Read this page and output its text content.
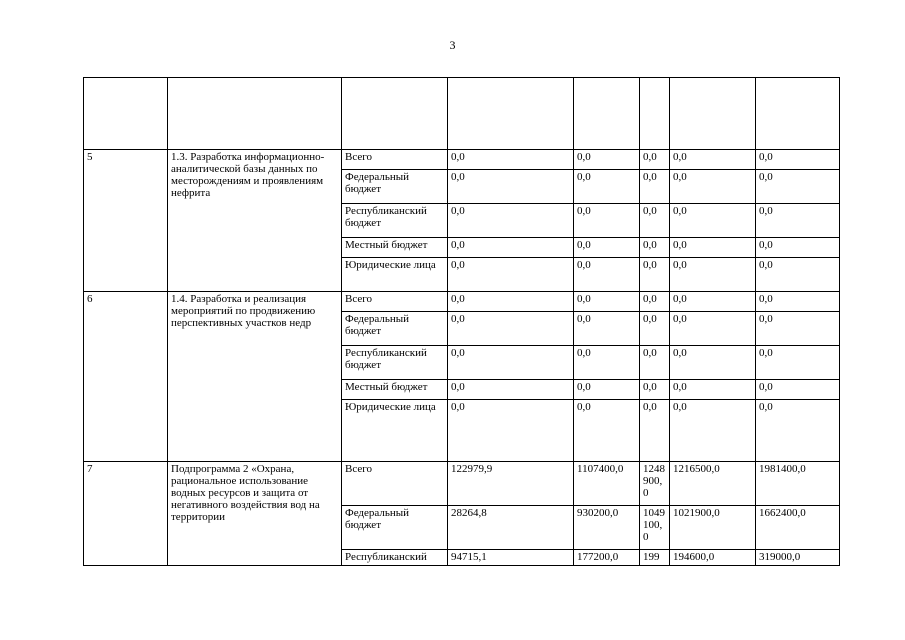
3

5	1.3. Разработка информационно-аналитической базы данных по месторождениям и проявлениям нефрита	Всего	0,0	0,0	0,0	0,0	0,0
		Федеральный бюджет	0,0	0,0	0,0	0,0	0,0
		Республиканский бюджет	0,0	0,0	0,0	0,0	0,0
		Местный бюджет	0,0	0,0	0,0	0,0	0,0
		Юридические лица	0,0	0,0	0,0	0,0	0,0
6	1.4. Разработка и реализация мероприятий по продвижению перспективных участков недр	Всего	0,0	0,0	0,0	0,0	0,0
		Федеральный бюджет	0,0	0,0	0,0	0,0	0,0
		Республиканский бюджет	0,0	0,0	0,0	0,0	0,0
		Местный бюджет	0,0	0,0	0,0	0,0	0,0
		Юридические лица	0,0	0,0	0,0	0,0	0,0
7	Подпрограмма 2 «Охрана, рациональное использование водных ресурсов и защита от негативного воздействия вод на территории	Всего	122979,9	1107400,0	1248900,0	1216500,0	1981400,0
		Федеральный бюджет	28264,8	930200,0	1049100,0	1021900,0	1662400,0
		Республиканский	94715,1	177200,0	199	194600,0	319000,0
